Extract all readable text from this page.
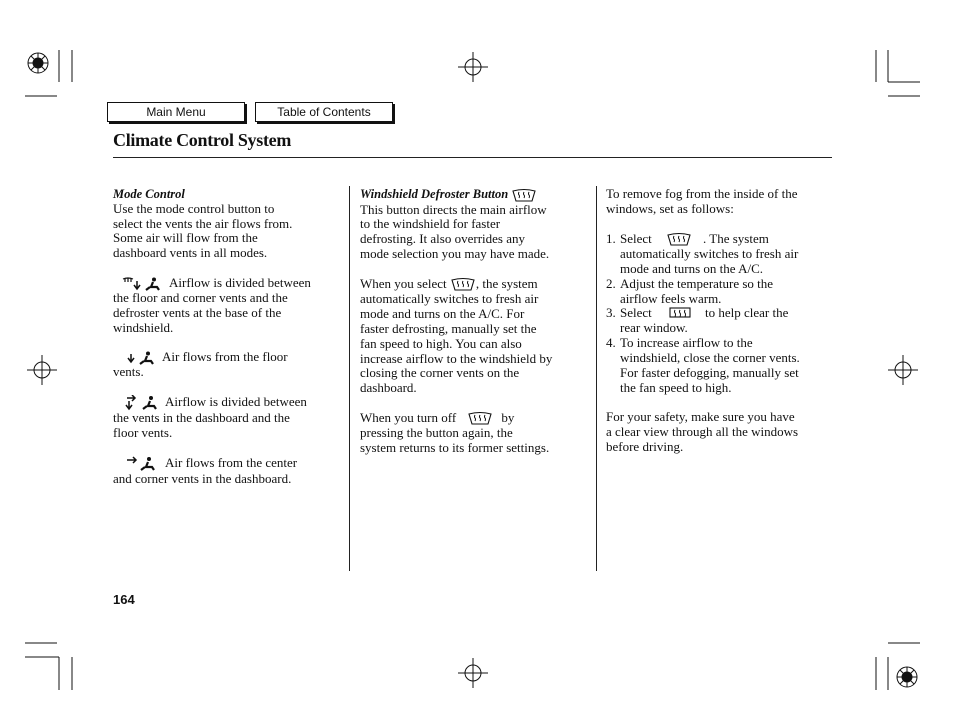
Main Menu	Table of Contents
Climate Control System
Mode Control
Use the mode control button to
select the vents the air flows from.
Some air will flow from the
dashboard vents in all modes.
Airflow is divided between
the floor and corner vents and the
defroster vents at the base of the
windshield.
Air flows from the floor
vents.
Airflow is divided between
the vents in the dashboard and the
floor vents.
Air flows from the center
and corner vents in the dashboard.
Windshield Defroster Button
This button directs the main airflow
to the windshield for faster
defrosting. It also overrides any
mode selection you may have made.
When you select , the system
automatically switches to fresh air
mode and turns on the A/C. For
faster defrosting, manually set the
fan speed to high. You can also
increase airflow to the windshield by
closing the corner vents on the
dashboard.
When you turn off	by
pressing the button again, the
system returns to its former settings.
To remove fog from the inside of the
windows, set as follows:
1. Select	. The system
automatically switches to fresh air
mode and turns on the A/C.
2. Adjust the temperature so the
airflow feels warm.
3. Select	to help clear the
rear window.
4. To increase airflow to the
windshield, close the corner vents.
For faster defogging, manually set
the fan speed to high.
For your safety, make sure you have
a clear view through all the windows
before driving.
164
